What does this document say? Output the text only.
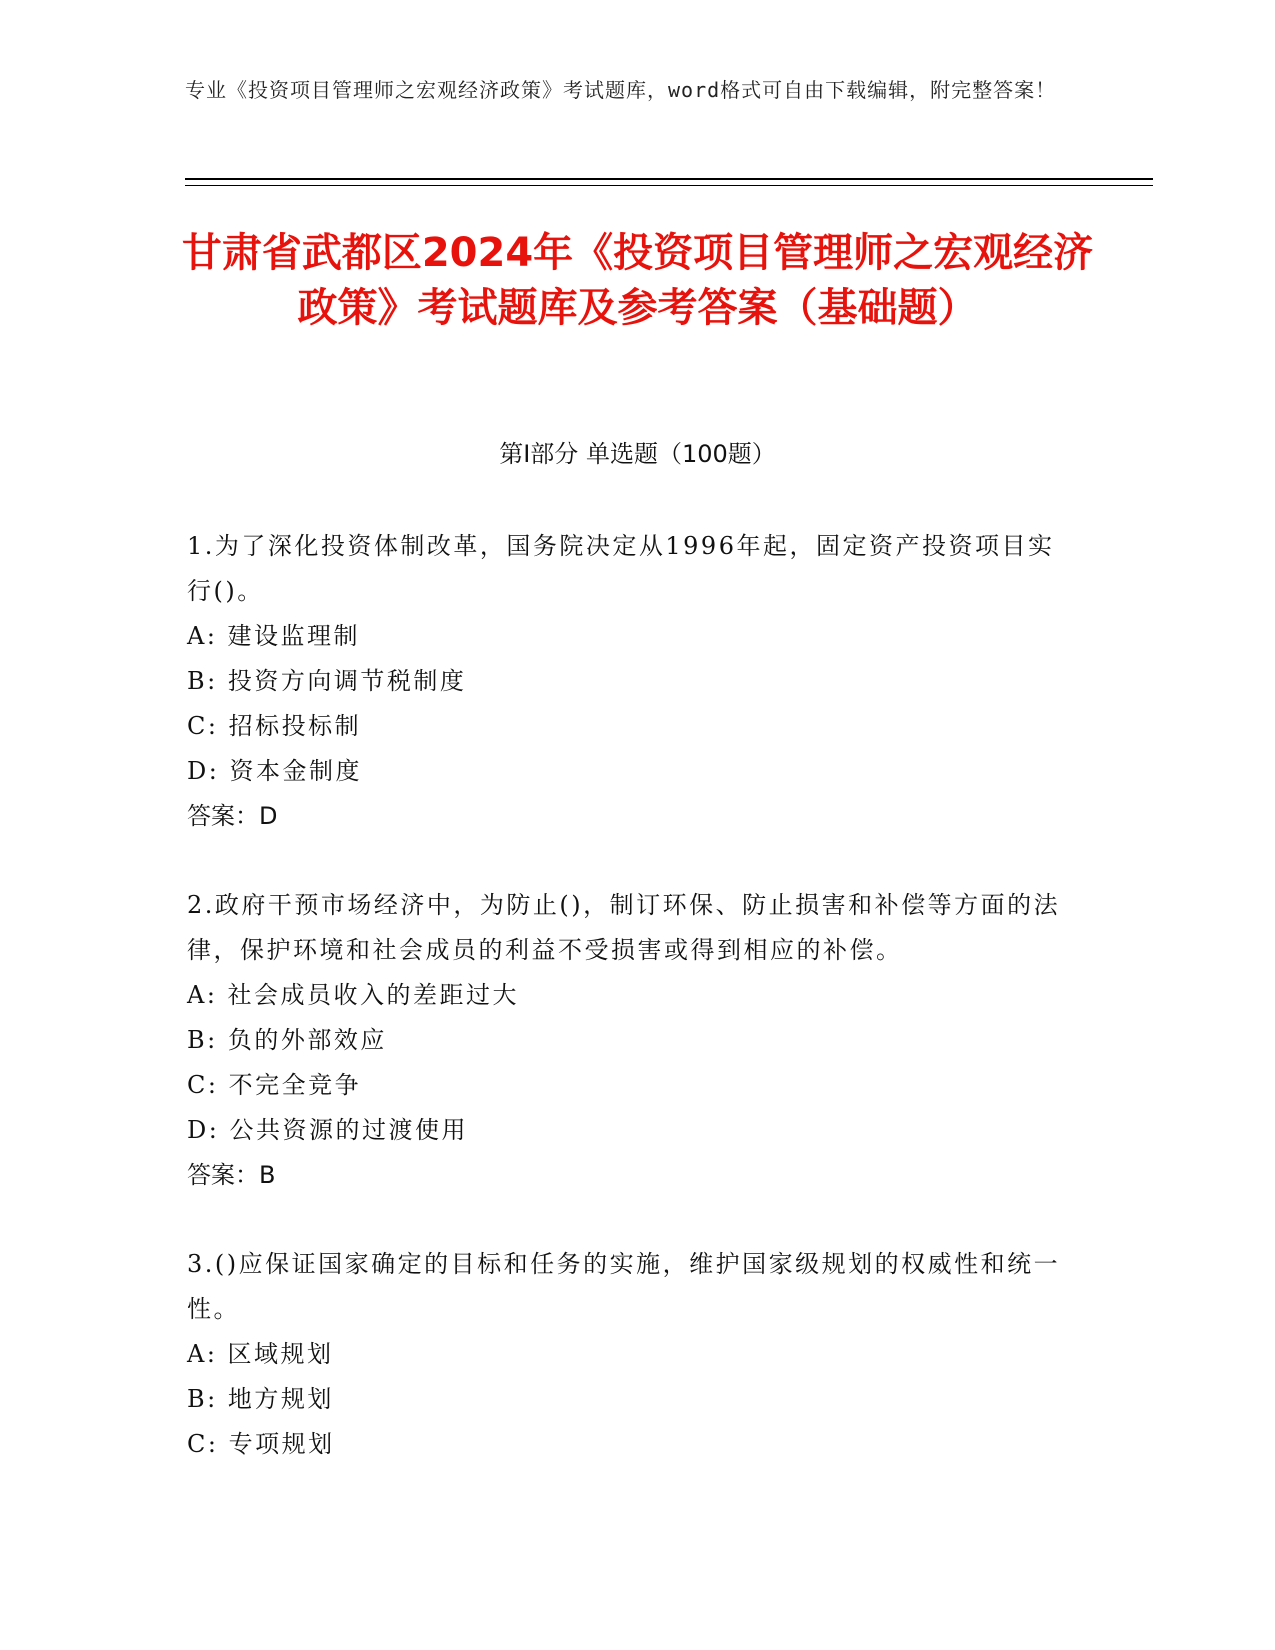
专业《投资项目管理师之宏观经济政策》考试题库，word格式可自由下载编辑，附完整答案！
甘肃省武都区2024年《投资项目管理师之宏观经济政策》考试题库及参考答案（基础题）
第I部分 单选题（100题）
1.为了深化投资体制改革，国务院决定从1996年起，固定资产投资项目实行()。
A: 建设监理制
B: 投资方向调节税制度
C: 招标投标制
D: 资本金制度
答案：D
2.政府干预市场经济中，为防止()，制订环保、防止损害和补偿等方面的法律，保护环境和社会成员的利益不受损害或得到相应的补偿。
A: 社会成员收入的差距过大
B: 负的外部效应
C: 不完全竞争
D: 公共资源的过渡使用
答案：B
3.()应保证国家确定的目标和任务的实施，维护国家级规划的权威性和统一性。
A: 区域规划
B: 地方规划
C: 专项规划
